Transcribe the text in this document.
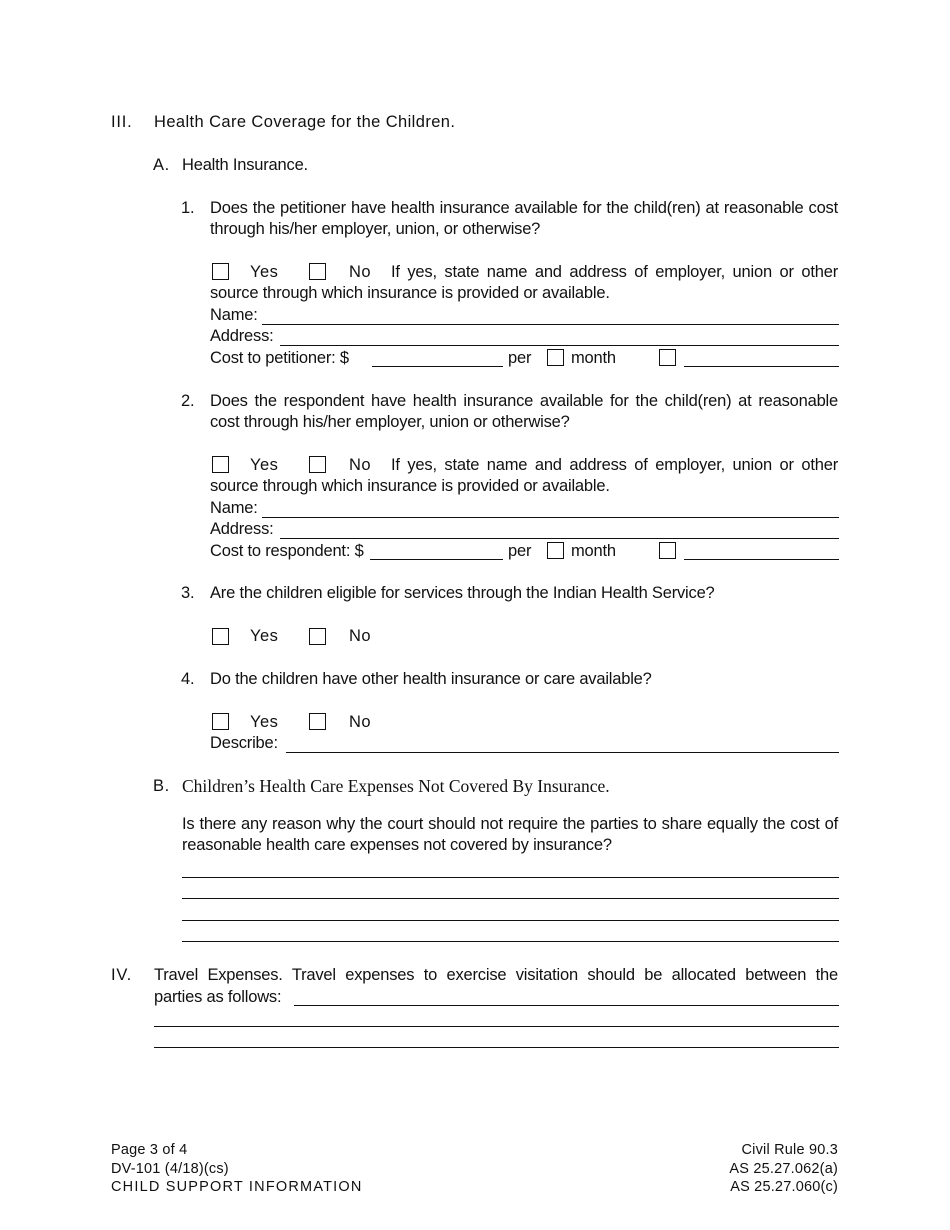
III. Health Care Coverage for the Children.
A. Health Insurance.
1. Does the petitioner have health insurance available for the child(ren) at reasonable cost through his/her employer, union, or otherwise?
Yes	No If yes, state name and address of employer, union or other
source through which insurance is provided or available.
Name:
Address:
Cost to petitioner: $	per month
2. Does the respondent have health insurance available for the child(ren) at reasonable cost through his/her employer, union or otherwise?
Yes	No If yes, state name and address of employer, union or other
source through which insurance is provided or available.
Name:
Address:
Cost to respondent: $	per month
3. Are the children eligible for services through the Indian Health Service?
Yes	No
4. Do the children have other health insurance or care available?
Yes	No
Describe:
B. Children’s Health Care Expenses Not Covered By Insurance.
Is there any reason why the court should not require the parties to share equally the cost of reasonable health care expenses not covered by insurance?
IV. Travel Expenses. Travel expenses to exercise visitation should be allocated between the
parties as follows:
Page 3 of 4
DV-101 (4/18)(cs)
CHILD SUPPORT INFORMATION
Civil Rule 90.3
AS 25.27.062(a)
AS 25.27.060(c)
